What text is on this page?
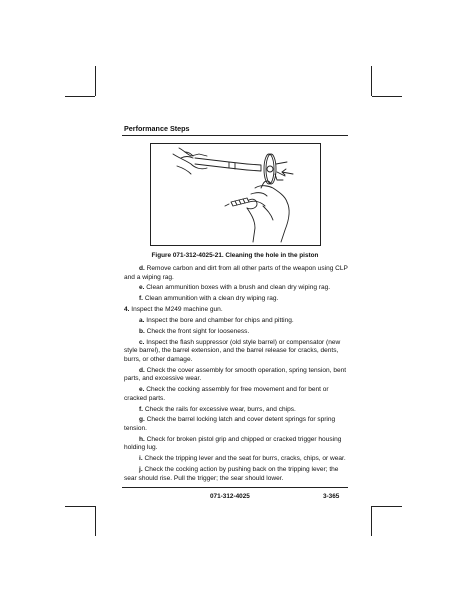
Performance Steps
Figure 071-312-4025-21. Cleaning the hole in the piston

d. Remove carbon and dirt from all other parts of the weapon using CLP and a wiping rag.

e. Clean ammunition boxes with a brush and clean dry wiping rag.

f. Clean ammunition with a clean dry wiping rag.

4. Inspect the M249 machine gun.

a. Inspect the bore and chamber for chips and pitting.

b. Check the front sight for looseness.

c. Inspect the flash suppressor (old style barrel) or compensator (new style barrel), the barrel extension, and the barrel release for cracks, dents, burrs, or other damage.

d. Check the cover assembly for smooth operation, spring tension, bent parts, and excessive wear.

e. Check the cocking assembly for free movement and for bent or cracked parts.

f. Check the rails for excessive wear, burrs, and chips.

g. Check the barrel locking latch and cover detent springs for spring tension.

h. Check for broken pistol grip and chipped or cracked trigger housing holding lug.

i. Check the tripping lever and the seat for burrs, cracks, chips, or wear.

j. Check the cocking action by pushing back on the tripping lever; the sear should rise. Pull the trigger; the sear should lower.

071-312-4025	3-365
